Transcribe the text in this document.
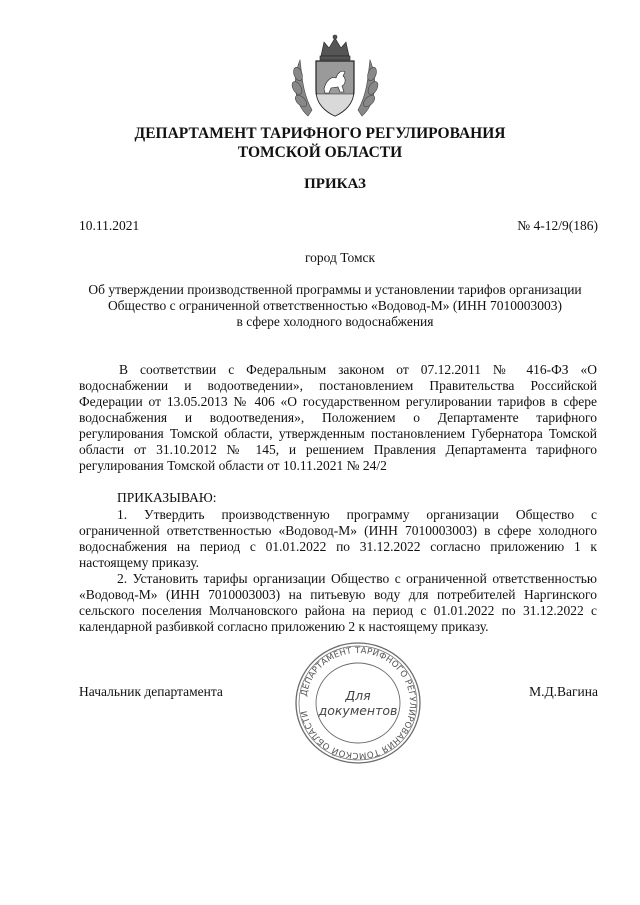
ДЕПАРТАМЕНТ ТАРИФНОГО РЕГУЛИРОВАНИЯ
ТОМСКОЙ ОБЛАСТИ
ПРИКАЗ
10.11.2021	№ 4-12/9(186)
город Томск
Об утверждении производственной программы и установлении тарифов организации
Общество с ограниченной ответственностью «Водовод-М» (ИНН 7010003003)
в сфере холодного водоснабжения

В соответствии с Федеральным законом от 07.12.2011 № 416-ФЗ «О водоснабжении и водоотведении», постановлением Правительства Российской Федерации от 13.05.2013 № 406 «О государственном регулировании тарифов в сфере водоснабжения и водоотведения», Положением о Департаменте тарифного регулирования Томской области, утвержденным постановлением Губернатора Томской области от 31.10.2012 № 145, и решением Правления Департамента тарифного регулирования Томской области от 10.11.2021 № 24/2

ПРИКАЗЫВАЮ:

1. Утвердить производственную программу организации Общество с ограниченной ответственностью «Водовод-М» (ИНН 7010003003) в сфере холодного водоснабжения на период с 01.01.2022 по 31.12.2022 согласно приложению 1 к настоящему приказу.

2. Установить тарифы организации Общество с ограниченной ответственностью «Водовод-М» (ИНН 7010003003) на питьевую воду для потребителей Наргинского сельского поселения Молчановского района на период с 01.01.2022 по 31.12.2022 с календарной разбивкой согласно приложению 2 к настоящему приказу.

Начальник департамента	М.Д.Вагина
ДЕПАРТАМЕНТ ТАРИФНОГО РЕГУЛИРОВАНИЯ ТОМСКОЙ ОБЛАСТИ
Для
документов
